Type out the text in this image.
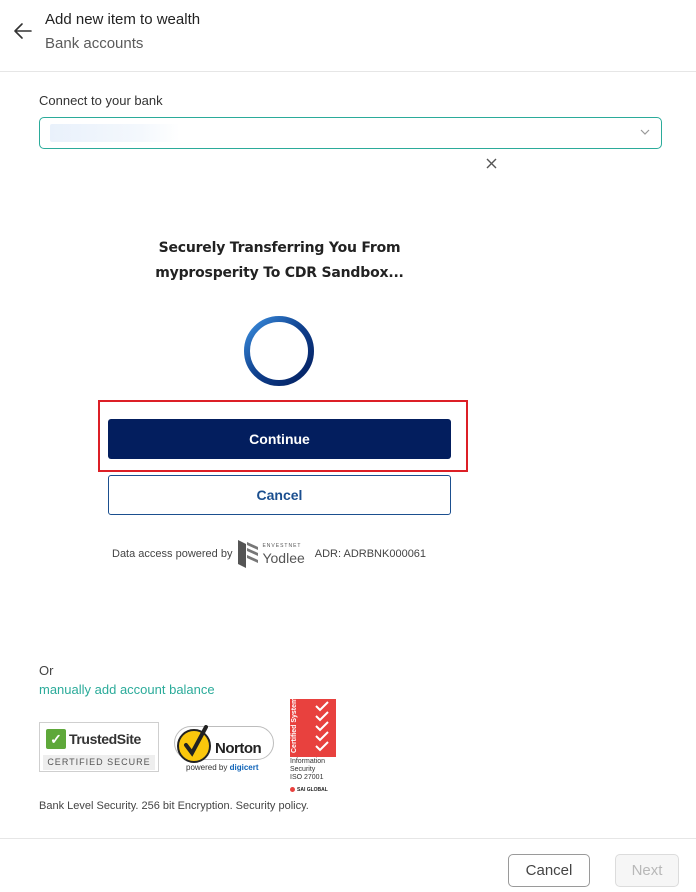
Add new item to wealth
Bank accounts
Connect to your bank
Securely Transferring You From
myprosperity To CDR Sandbox...
Continue
Cancel
Data access powered by
ENVESTNET
Yodlee ADR: ADRBNK000061
Or
manually add account balance
✓ TrustedSite
CERTIFIED SECURE
Norton
powered by digicert
Certified System
Information
Security
ISO 27001
SAI GLOBAL
Bank Level Security. 256 bit Encryption. Security policy.
Cancel	Next
